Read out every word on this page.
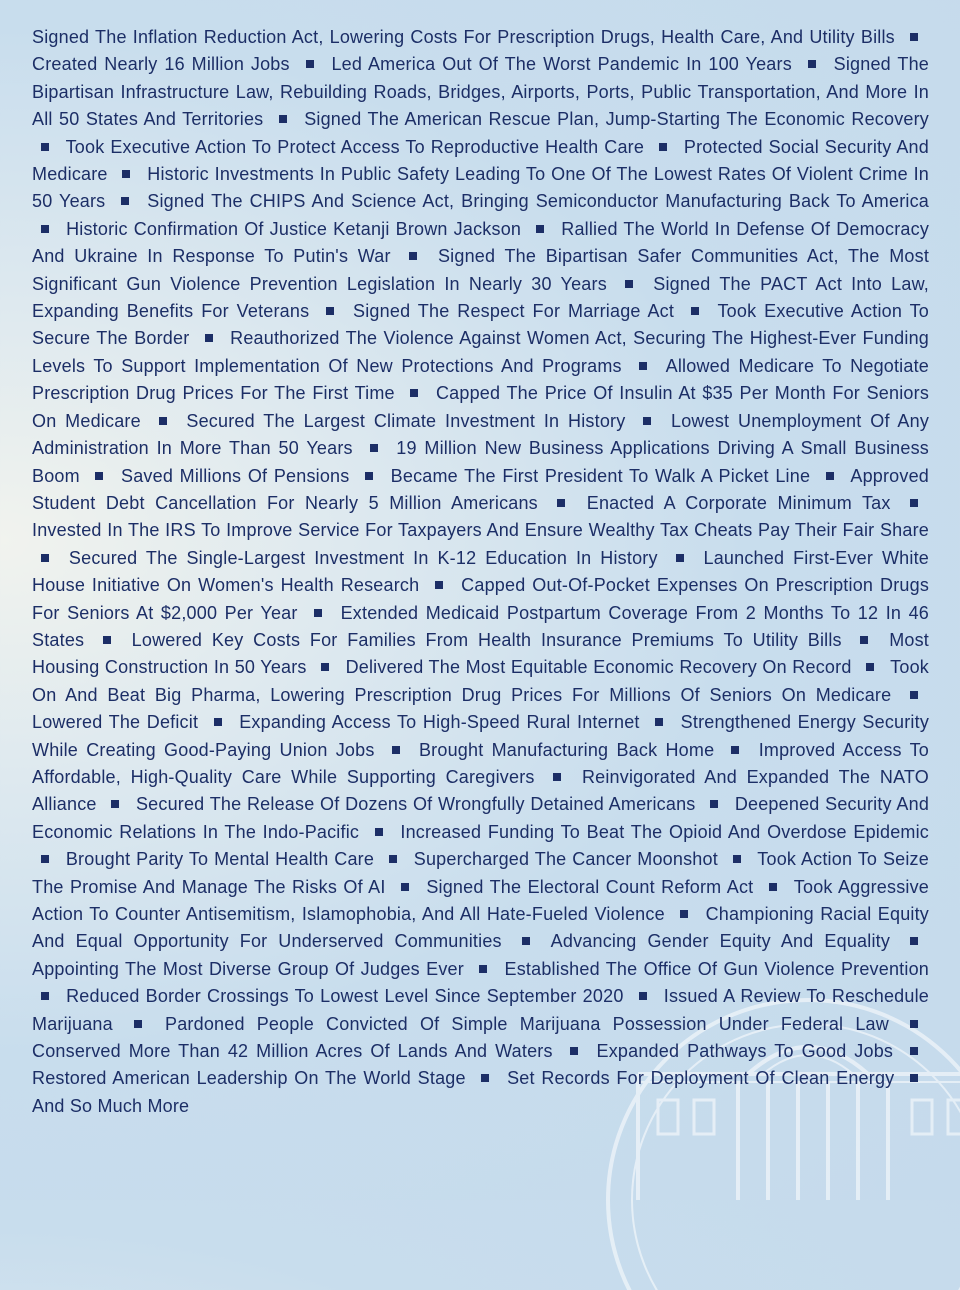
Signed The Inflation Reduction Act, Lowering Costs For Prescription Drugs, Health Care, And Utility Bills  Created Nearly 16 Million Jobs Led America Out Of The Worst Pandemic In 100 Years Signed The Bipartisan Infrastructure Law, Rebuilding Roads, Bridges, Airports, Ports, Public Transportation, And More In All 50 States And Territories Signed The American Rescue Plan, Jump-Starting The Economic Recovery  Took Executive Action To Protect Access To Reproductive Health Care Protected Social Security And Medicare Historic Investments In Public Safety Leading To One Of The Lowest Rates Of Violent Crime In 50 Years Signed The CHIPS And Science Act, Bringing Semiconductor Manufacturing Back To America  Historic Confirmation Of Justice Ketanji Brown Jackson Rallied The World In Defense Of Democracy And Ukraine In Response To Putin's War	Signed The Bipartisan Safer Communities Act, The Most Significant Gun Violence Prevention Legislation In Nearly 30 Years	Signed The PACT Act Into Law, Expanding Benefits For Veterans Signed The Respect For Marriage Act Took Executive Action To Secure The Border Reauthorized The Violence Against Women Act, Securing The Highest-Ever Funding Levels To Support Implementation Of New Protections And Programs Allowed Medicare To Negotiate Prescription Drug Prices For The First Time Capped The Price Of Insulin At $35 Per Month For Seniors On Medicare	Secured The Largest Climate Investment In History	Lowest Unemployment Of Any Administration In More Than 50 Years 19 Million New Business Applications Driving A Small Business Boom Saved Millions Of Pensions Became The First President To Walk A Picket Line Approved Student Debt Cancellation For Nearly 5 Million Americans	Enacted A Corporate Minimum Tax  Invested In The IRS To Improve Service For Taxpayers And Ensure Wealthy Tax Cheats Pay Their Fair Share  Secured The Single-Largest Investment In K-12 Education In History	Launched First-Ever White House Initiative On Women's Health Research Capped Out-Of-Pocket Expenses On Prescription Drugs For Seniors At $2,000 Per Year Extended Medicaid Postpartum Coverage From 2 Months To 12 In 46 States	Lowered Key Costs For Families From Health Insurance Premiums To Utility Bills	Most Housing Construction In 50 Years Delivered The Most Equitable Economic Recovery On Record Took On And Beat Big Pharma, Lowering Prescription Drug Prices For Millions Of Seniors On Medicare  Lowered The Deficit Expanding Access To High-Speed Rural Internet Strengthened Energy Security While Creating Good-Paying Union Jobs Brought Manufacturing Back Home Improved Access To Affordable, High-Quality Care While Supporting Caregivers	Reinvigorated And Expanded The NATO Alliance Secured The Release Of Dozens Of Wrongfully Detained Americans Deepened Security And Economic Relations In The Indo-Pacific Increased Funding To Beat The Opioid And Overdose Epidemic  Brought Parity To Mental Health Care Supercharged The Cancer Moonshot Took Action To Seize The Promise And Manage The Risks Of AI Signed The Electoral Count Reform Act Took Aggressive Action To Counter Antisemitism, Islamophobia, And All Hate-Fueled Violence Championing Racial Equity And Equal Opportunity For Underserved Communities	Advancing Gender Equity And Equality  Appointing The Most Diverse Group Of Judges Ever Established The Office Of Gun Violence Prevention  Reduced Border Crossings To Lowest Level Since September 2020 Issued A Review To Reschedule Marijuana	Pardoned People Convicted Of Simple Marijuana Possession Under Federal Law  Conserved More Than 42 Million Acres Of Lands And Waters Expanded Pathways To Good Jobs  Restored American Leadership On The World Stage Set Records For Deployment Of Clean Energy  And So Much More
